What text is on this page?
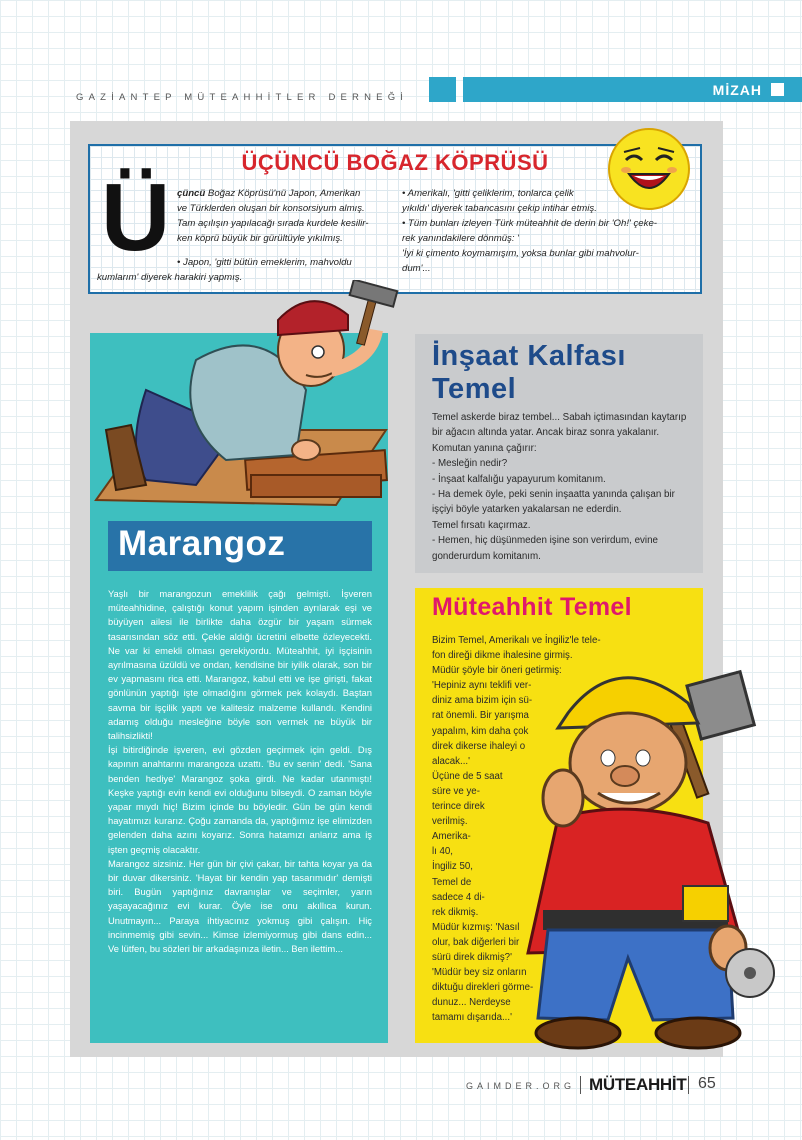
GAZİANTEP MÜTEAHHİTLER DERNEĞİ	MİZAH
ÜÇÜNCÜ BOĞAZ KÖPRÜSÜ
Ü çüncü Boğaz Köprüsü'nü Japon, Amerikan
ve Türklerden oluşan bir konsorsiyum almış.
Tam açılışın yapılacağı sırada kurdele kesilir-
ken köprü büyük bir gürültüyle yıkılmış.
• Japon, 'gitti bütün emeklerim, mahvoldu
kumlarım' diyerek harakiri yapmış.
• Amerikalı, 'gitti çeliklerim, tonlarca çelik
yıkıldı' diyerek tabancasını çekip intihar etmiş.
• Tüm bunları izleyen Türk müteahhit de derin bir 'Oh!' çeke-
rek yanındakilere dönmüş: '
'İyi ki çimento koymamışım, yoksa bunlar gibi mahvolur-
dum'...
Marangoz

Yaşlı bir marangozun emeklilik çağı gelmişti. İşveren müteahhidine, çalıştığı konut yapım işinden ayrılarak eşi ve büyüyen ailesi ile birlikte daha özgür bir yaşam sürmek tasarısından söz etti. Çekle aldığı ücretini elbette özleyecekti. Ne var ki emekli olması gerekiyordu. Müteahhit, iyi işçisinin ayrılmasına üzüldü ve ondan, kendisine bir iyilik olarak, son bir ev yapmasını rica etti. Marangoz, kabul etti ve işe girişti, fakat gönlünün yaptığı işte olmadığını görmek pek kolaydı. Baştan savma bir işçilik yaptı ve kalitesiz malzeme kullandı. Kendini adamış olduğu mesleğine böyle son vermek ne büyük bir talihsizlikti!

İşi bitirdiğinde işveren, evi gözden geçirmek için geldi. Dış kapının anahtarını marangoza uzattı. 'Bu ev senin' dedi. 'Sana benden hediye' Marangoz şoka girdi. Ne kadar utanmıştı! Keşke yaptığı evin kendi evi olduğunu bilseydi. O zaman böyle yapar mıydı hiç! Bizim içinde bu böyledir. Gün be gün kendi hayatımızı kurarız. Çoğu zamanda da, yaptığımız işe elimizden gelenden daha azını koyarız. Sonra hatamızı anlarız ama iş işten geçmiş olacaktır.

Marangoz sizsiniz. Her gün bir çivi çakar, bir tahta koyar ya da bir duvar dikersiniz. 'Hayat bir kendin yap tasarımıdır' demişti biri. Bugün yaptığınız davranışlar ve seçimler, yarın yaşayacağınız evi kurar. Öyle ise onu akıllıca kurun. Unutmayın... Paraya ihtiyacınız yokmuş gibi çalışın. Hiç incinmemiş gibi sevin... Kimse izlemiyormuş gibi dans edin... Ve lütfen, bu sözleri bir arkadaşınıza iletin... Ben ilettim...

İnşaat Kalfası
Temel

Temel askerde biraz tembel... Sabah içtimasından kaytarıp bir ağacın altında yatar. Ancak biraz sonra yakalanır. Komutan yanına çağırır:

- Mesleğin nedir?

- İnşaat kalfalığu yapayurum komitanım.

- Ha demek öyle, peki senin inşaatta yanında çalışan bir işçiyi böyle yatarken yakalarsan ne ederdin.

Temel fırsatı kaçırmaz.

- Hemen, hiç düşünmeden işine son verirdum, evine gonderurdum komitanım.

Müteahhit Temel
Bizim Temel, Amerikalı ve İngiliz'le tele-
fon direği dikme ihalesine girmiş.
Müdür şöyle bir öneri getirmiş:
'Hepiniz aynı teklifi ver-
diniz ama bizim için sü-
rat önemli. Bir yarışma
yapalım, kim daha çok
direk dikerse ihaleyi o
alacak...'
Üçüne de 5 saat
süre ve ye-
terince direk
verilmiş.
Amerika-
lı 40,
İngiliz 50,
Temel de
sadece 4 di-
rek dikmiş.
Müdür kızmış: 'Nasıl
olur, bak diğerleri bir
sürü direk dikmiş?'
'Müdür bey siz onların
diktuğu direkleri görme-
dunuz... Nerdeyse
tamamı dışarıda...'
GAIMDER.ORG MÜTEAHHİT 65
